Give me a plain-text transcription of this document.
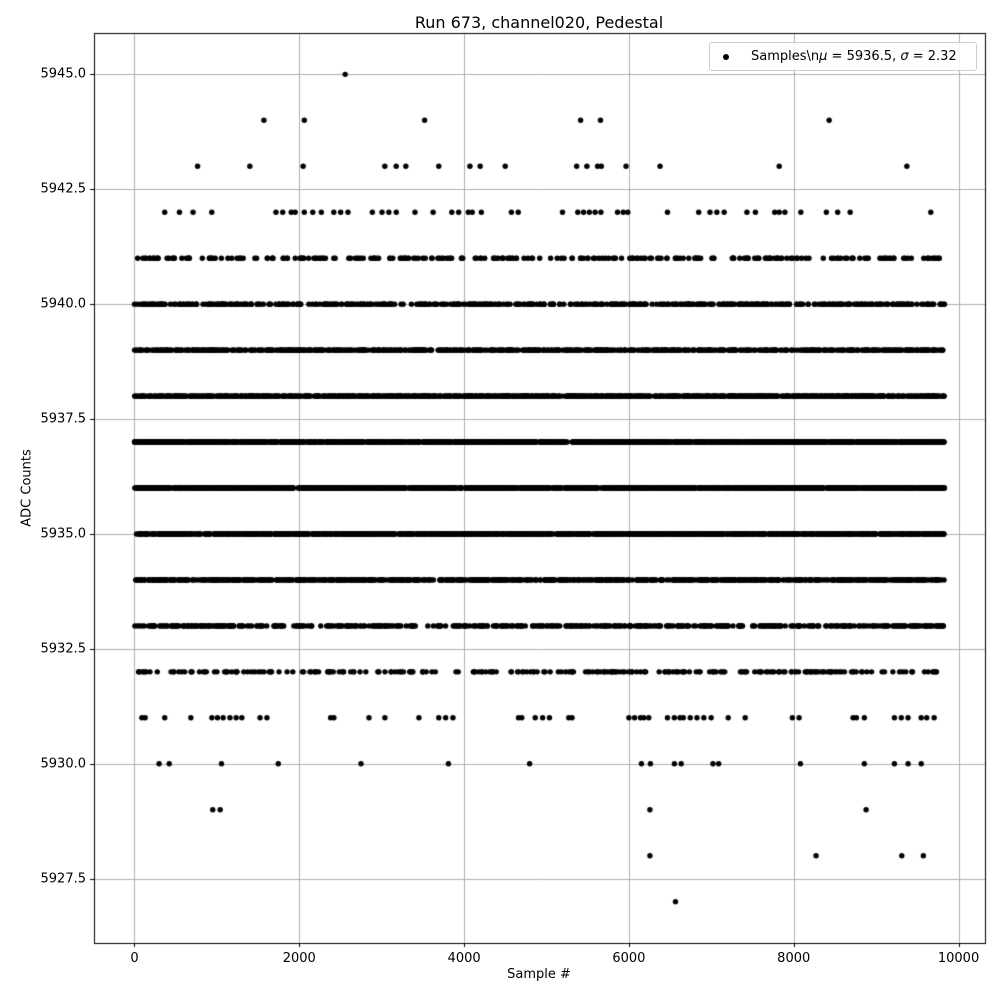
Run 673, channel020, Pedestal
Sample #
ADC Counts
0	2000	4000	6000	8000	10000
5945.0
5942.5
5940.0
5937.5
5935.0
5932.5
5930.0
5927.5
Samples\nμ = 5936.5, σ = 2.32
